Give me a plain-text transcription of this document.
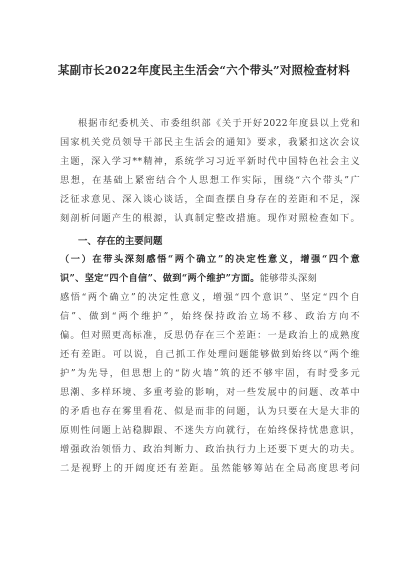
某副市长2022年度民主生活会“六个带头”对照检查材料
根据市纪委机关、市委组织部《关于开好2022年度县以上党和
国家机关党员领导干部民主生活会的通知》要求，我紧扣这次会议
主题，深入学习**精神，系统学习习近平新时代中国特色社会主义
思想，在基础上紧密结合个人思想工作实际，围绕“六个带头”广
泛征求意见、深入谈心谈话，全面查摆自身存在的差距和不足，深
刻剖析问题产生的根源，认真制定整改措施。现作对照检查如下。
一、存在的主要问题
（一）在带头深刻感悟“两个确立”的决定性意义，增强“四个意
识”、坚定“四个自信”、做到“两个维护”方面。能够带头深刻
感悟“两个确立”的决定性意义，增强“四个意识”、坚定“四个自
信”、做到“两个维护”，始终保持政治立场不移、政治方向不
偏。但对照更高标准，反思仍存在三个差距：一是政治上的成熟度
还有差距。可以说，自己抓工作处理问题能够做到始终以“两个维
护”为先导，但思想上的“防火墙”筑的还不够牢固，有时受多元
思潮、多样环境、多重考验的影响，对一些发展中的问题、改革中
的矛盾也存在雾里看花、似是而非的问题，认为只要在大是大非的
原则性问题上站稳脚跟、不迷失方向就行，在始终保持忧患意识，
增强政治领悟力、政治判断力、政治执行力上还要下更大的功夫。
二是视野上的开阔度还有差距。虽然能够筹站在全局高度思考问
